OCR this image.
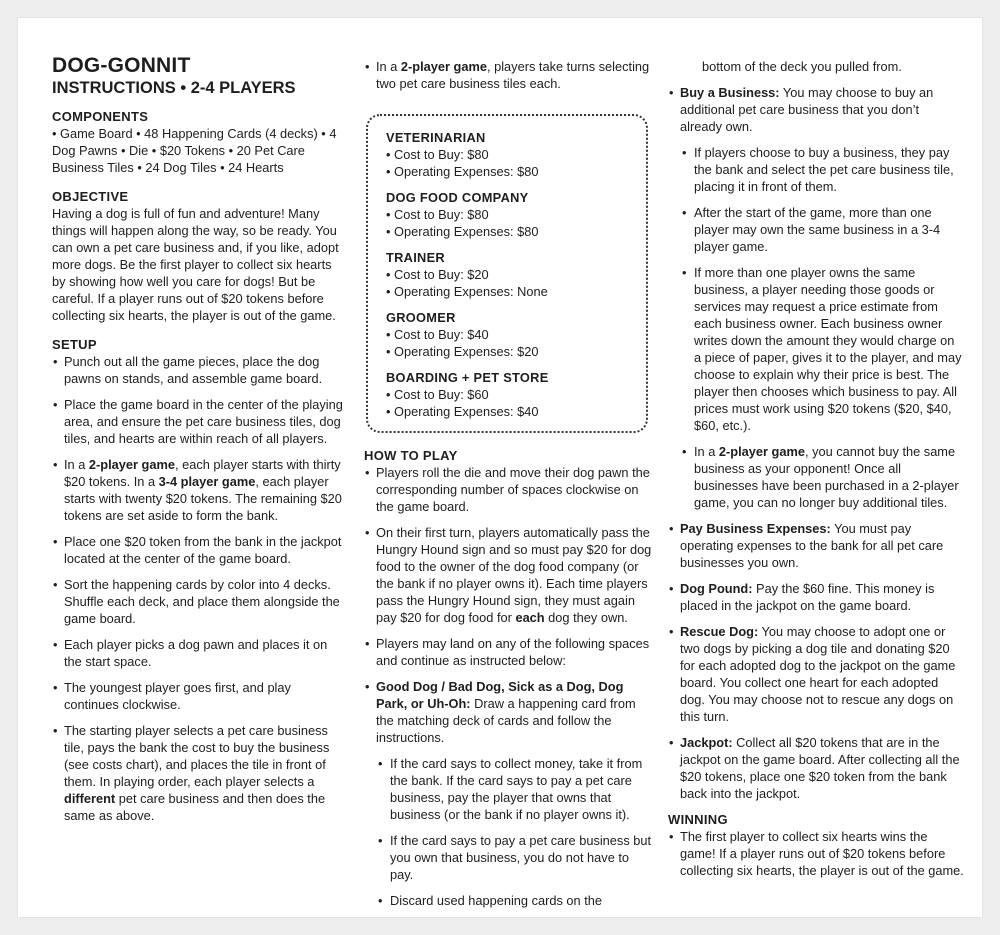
DOG-GONNIT
INSTRUCTIONS • 2-4 PLAYERS
COMPONENTS

• Game Board • 48 Happening Cards (4 decks) • 4 Dog Pawns • Die • $20 Tokens • 20 Pet Care Business Tiles • 24 Dog Tiles • 24 Hearts

OBJECTIVE

Having a dog is full of fun and adventure! Many things will happen along the way, so be ready. You can own a pet care business and, if you like, adopt more dogs. Be the first player to collect six hearts by showing how well you care for dogs! But be careful. If a player runs out of $20 tokens before collecting six hearts, the player is out of the game.

SETUP
• Punch out all the game pieces, place the dog pawns on stands, and assemble game board.
• Place the game board in the center of the playing area, and ensure the pet care business tiles, dog tiles, and hearts are within reach of all players.
• In a 2-player game, each player starts with thirty $20 tokens. In a 3-4 player game, each player starts with twenty $20 tokens. The remaining $20 tokens are set aside to form the bank.
• Place one $20 token from the bank in the jackpot located at the center of the game board.
• Sort the happening cards by color into 4 decks. Shuffle each deck, and place them alongside the game board.
• Each player picks a dog pawn and places it on the start space.
• The youngest player goes first, and play continues clockwise.
• The starting player selects a pet care business tile, pays the bank the cost to buy the business (see costs chart), and places the tile in front of them. In playing order, each player selects a different pet care business and then does the same as above.
• In a 2-player game, players take turns selecting two pet care business tiles each.
VETERINARIAN
• Cost to Buy: $80
• Operating Expenses: $80
DOG FOOD COMPANY
• Cost to Buy: $80
• Operating Expenses: $80
TRAINER
• Cost to Buy: $20
• Operating Expenses: None
GROOMER
• Cost to Buy: $40
• Operating Expenses: $20
BOARDING + PET STORE
• Cost to Buy: $60
• Operating Expenses: $40
HOW TO PLAY
• Players roll the die and move their dog pawn the corresponding number of spaces clockwise on the game board.
• On their first turn, players automatically pass the Hungry Hound sign and so must pay $20 for dog food to the owner of the dog food company (or the bank if no player owns it). Each time players pass the Hungry Hound sign, they must again pay $20 for dog food for each dog they own.
• Players may land on any of the following spaces and continue as instructed below:
• Good Dog / Bad Dog, Sick as a Dog, Dog Park, or Uh-Oh: Draw a happening card from the matching deck of cards and follow the instructions.
• If the card says to collect money, take it from the bank. If the card says to pay a pet care business, pay the player that owns that business (or the bank if no player owns it).
• If the card says to pay a pet care business but you own that business, you do not have to pay.
• Discard used happening cards on the
bottom of the deck you pulled from.
• Buy a Business: You may choose to buy an additional pet care business that you don’t already own.
• If players choose to buy a business, they pay the bank and select the pet care business tile, placing it in front of them.
• After the start of the game, more than one player may own the same business in a 3-4 player game.
• If more than one player owns the same business, a player needing those goods or services may request a price estimate from each business owner. Each business owner writes down the amount they would charge on a piece of paper, gives it to the player, and may choose to explain why their price is best. The player then chooses which business to pay. All prices must work using $20 tokens ($20, $40, $60, etc.).
• In a 2-player game, you cannot buy the same business as your opponent! Once all businesses have been purchased in a 2-player game, you can no longer buy additional tiles.
• Pay Business Expenses: You must pay operating expenses to the bank for all pet care businesses you own.
• Dog Pound: Pay the $60 fine. This money is placed in the jackpot on the game board.
• Rescue Dog: You may choose to adopt one or two dogs by picking a dog tile and donating $20 for each adopted dog to the jackpot on the game board. You collect one heart for each adopted dog. You may choose not to rescue any dogs on this turn.
• Jackpot: Collect all $20 tokens that are in the jackpot on the game board. After collecting all the $20 tokens, place one $20 token from the bank back into the jackpot.
WINNING
• The first player to collect six hearts wins the game! If a player runs out of $20 tokens before collecting six hearts, the player is out of the game.
